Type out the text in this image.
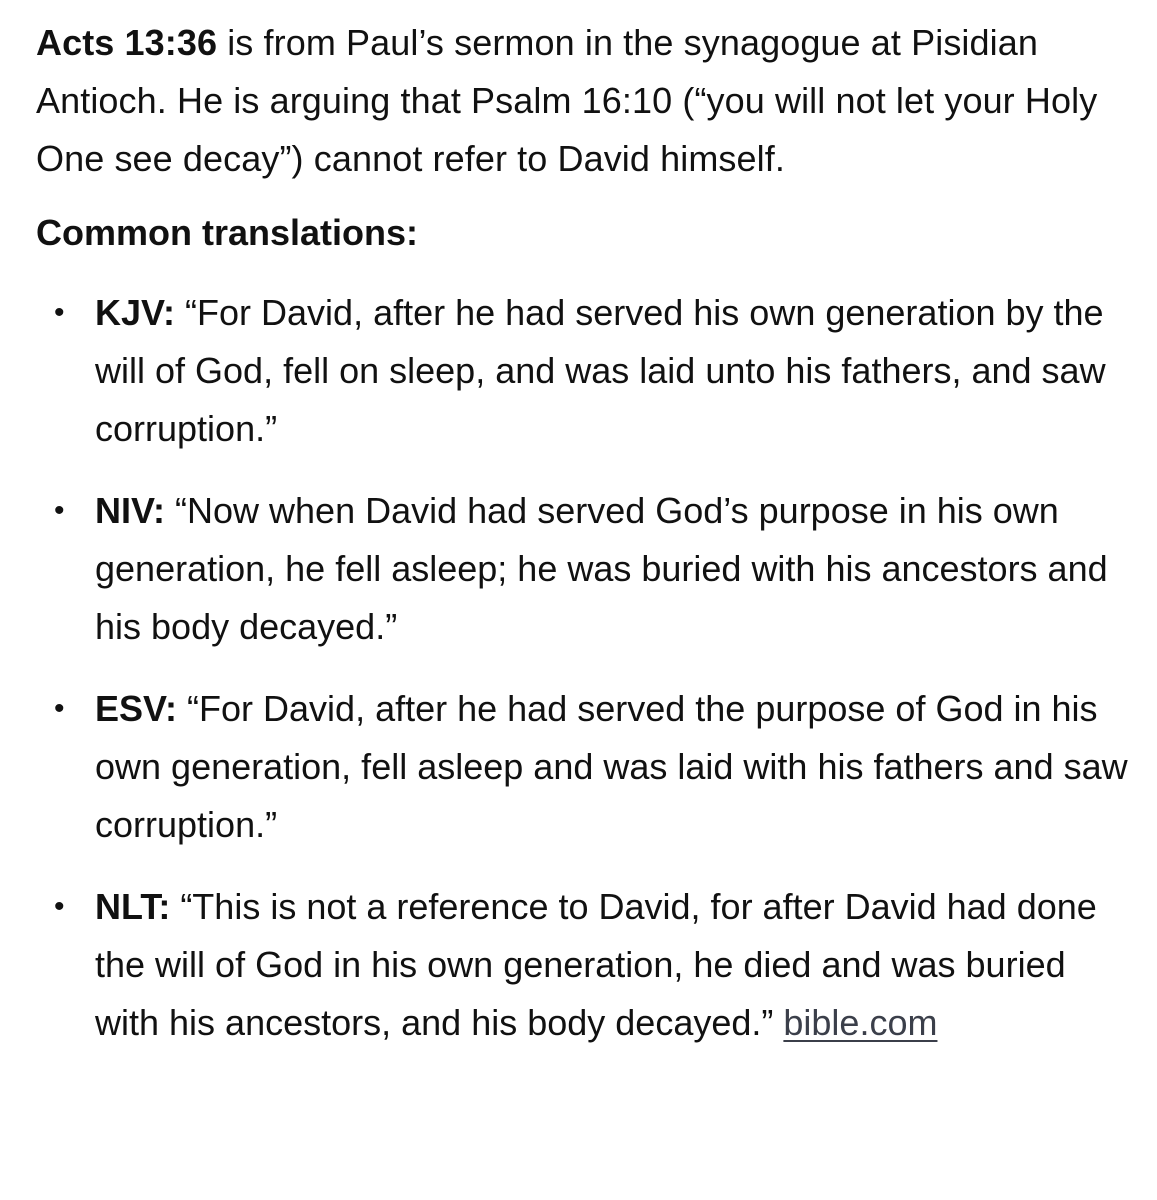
Acts 13:36 is from Paul’s sermon in the synagogue at Pisidian Antioch. He is arguing that Psalm 16:10 (“you will not let your Holy One see decay”) cannot refer to David himself.

Common translations:

• KJV: “For David, after he had served his own generation by the will of God, fell on sleep, and was laid unto his fathers, and saw corruption.”
• NIV: “Now when David had served God’s purpose in his own generation, he fell asleep; he was buried with his ancestors and his body decayed.”
• ESV: “For David, after he had served the purpose of God in his own generation, fell asleep and was laid with his fathers and saw corruption.”
• NLT: “This is not a reference to David, for after David had done the will of God in his own generation, he died and was buried with his ancestors, and his body decayed.” bible.com
